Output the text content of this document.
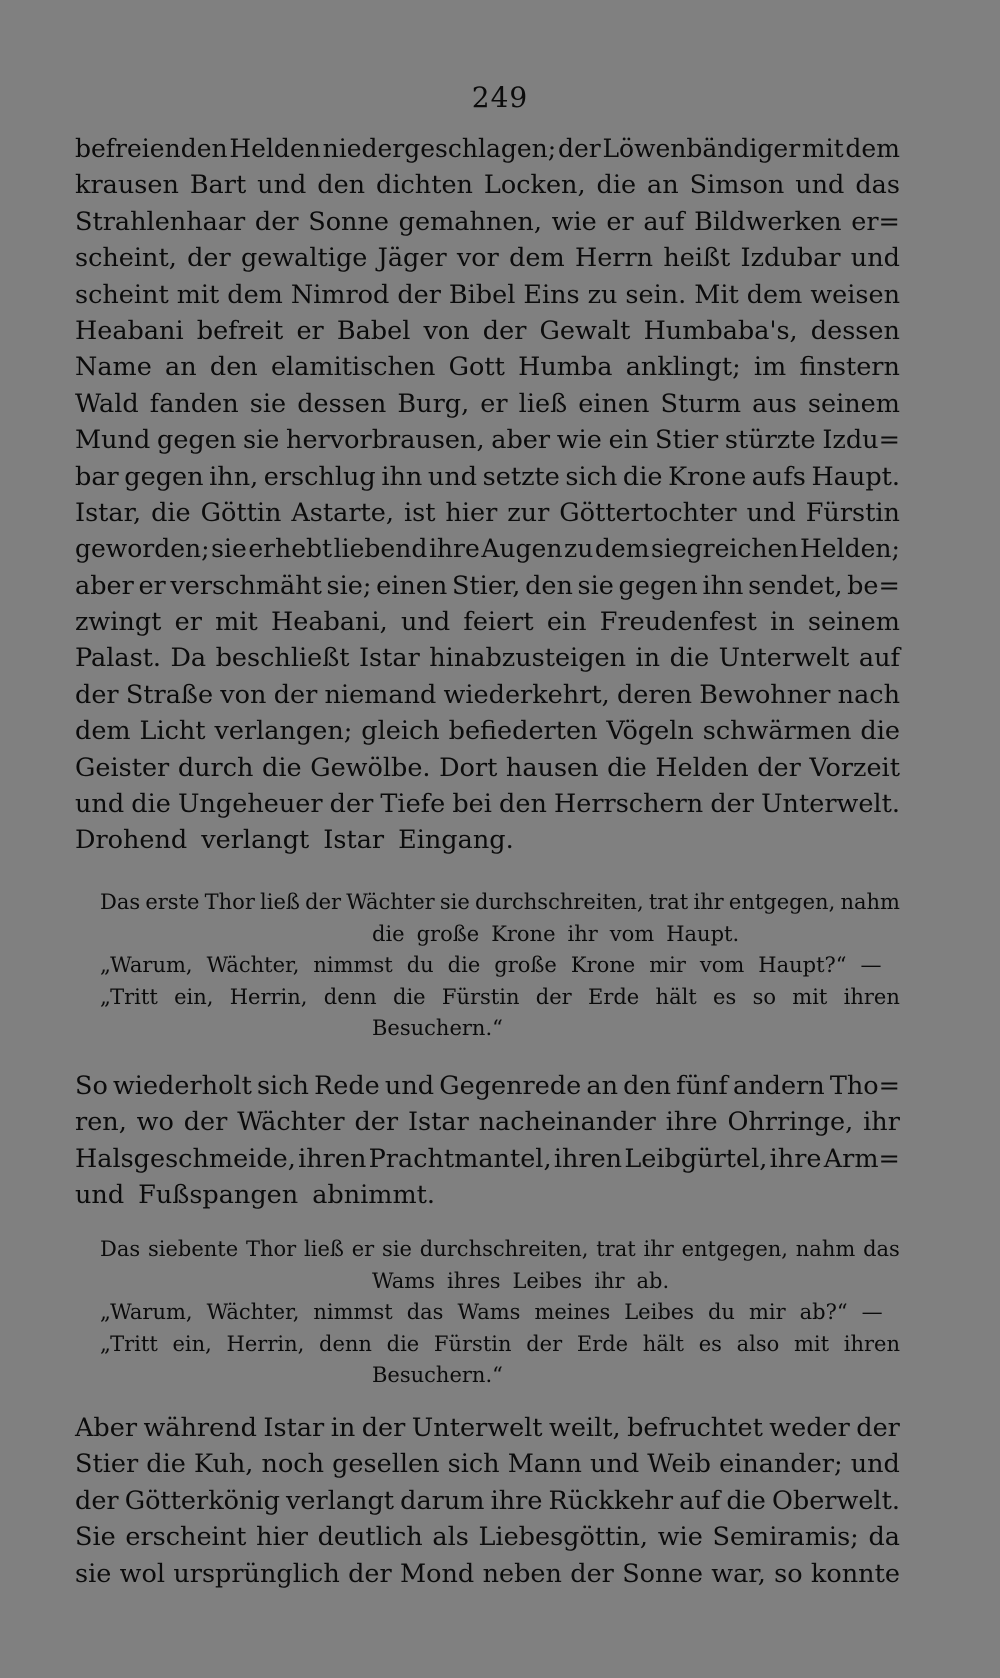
249
befreienden Helden niedergeschlagen; der Löwenbändiger mit dem
krausen Bart und den dichten Locken, die an Simson und das
Strahlenhaar der Sonne gemahnen, wie er auf Bildwerken er=
scheint, der gewaltige Jäger vor dem Herrn heißt Izdubar und
scheint mit dem Nimrod der Bibel Eins zu sein. Mit dem weisen
Heabani befreit er Babel von der Gewalt Humbaba's, dessen
Name an den elamitischen Gott Humba anklingt; im finstern
Wald fanden sie dessen Burg, er ließ einen Sturm aus seinem
Mund gegen sie hervorbrausen, aber wie ein Stier stürzte Izdu=
bar gegen ihn, erschlug ihn und setzte sich die Krone aufs Haupt.
Istar, die Göttin Astarte, ist hier zur Göttertochter und Fürstin
geworden; sie erhebt liebend ihre Augen zu dem siegreichen Helden;
aber er verschmäht sie; einen Stier, den sie gegen ihn sendet, be=
zwingt er mit Heabani, und feiert ein Freudenfest in seinem
Palast. Da beschließt Istar hinabzusteigen in die Unterwelt auf
der Straße von der niemand wiederkehrt, deren Bewohner nach
dem Licht verlangen; gleich befiederten Vögeln schwärmen die
Geister durch die Gewölbe. Dort hausen die Helden der Vorzeit
und die Ungeheuer der Tiefe bei den Herrschern der Unterwelt.
Drohend verlangt Istar Eingang.
Das erste Thor ließ der Wächter sie durchschreiten, trat ihr entgegen, nahm
die große Krone ihr vom Haupt.
„Warum, Wächter, nimmst du die große Krone mir vom Haupt?“ —
„Tritt ein, Herrin, denn die Fürstin der Erde hält es so mit ihren
Besuchern.“
So wiederholt sich Rede und Gegenrede an den fünf andern Tho=
ren, wo der Wächter der Istar nacheinander ihre Ohrringe, ihr
Halsgeschmeide, ihren Prachtmantel, ihren Leibgürtel, ihre Arm=
und Fußspangen abnimmt.
Das siebente Thor ließ er sie durchschreiten, trat ihr entgegen, nahm das
Wams ihres Leibes ihr ab.
„Warum, Wächter, nimmst das Wams meines Leibes du mir ab?“ —
„Tritt ein, Herrin, denn die Fürstin der Erde hält es also mit ihren
Besuchern.“
Aber während Istar in der Unterwelt weilt, befruchtet weder der
Stier die Kuh, noch gesellen sich Mann und Weib einander; und
der Götterkönig verlangt darum ihre Rückkehr auf die Oberwelt.
Sie erscheint hier deutlich als Liebesgöttin, wie Semiramis; da
sie wol ursprünglich der Mond neben der Sonne war, so konnte
